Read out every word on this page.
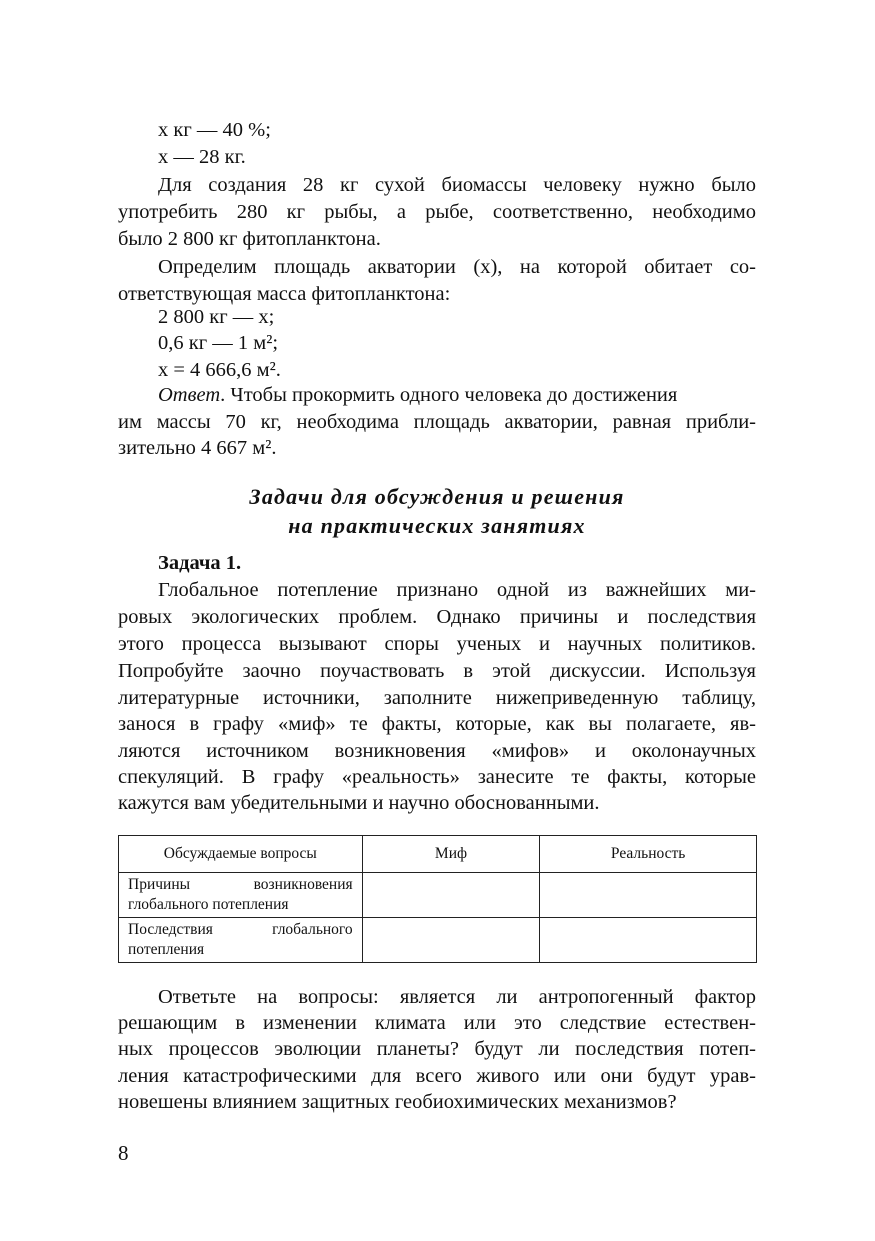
x кг — 40 %;
x — 28 кг.
Для создания 28 кг сухой биомассы человеку нужно было
употребить 280 кг рыбы, а рыбе, соответственно, необходимо
было 2 800 кг фитопланктона.
Определим площадь акватории (x), на которой обитает со-
ответствующая масса фитопланктона:
2 800 кг — x;
0,6 кг — 1 м²;
x = 4 666,6 м².
Ответ. Чтобы прокормить одного человека до достижения
им массы 70 кг, необходима площадь акватории, равная прибли-
зительно 4 667 м².
Задачи для обсуждения и решения
на практических занятиях
Задача 1.
Глобальное потепление признано одной из важнейших ми-
ровых экологических проблем. Однако причины и последствия
этого процесса вызывают споры ученых и научных политиков.
Попробуйте заочно поучаствовать в этой дискуссии. Используя
литературные источники, заполните нижеприведенную таблицу,
занося в графу «миф» те факты, которые, как вы полагаете, яв-
ляются источником возникновения «мифов» и околонаучных
спекуляций. В графу «реальность» занесите те факты, которые
кажутся вам убедительными и научно обоснованными.
Обсуждаемые вопросы	Миф	Реальность
Причины возникновения глобального потепления		
Последствия глобального потепления		
Ответьте на вопросы: является ли антропогенный фактор
решающим в изменении климата или это следствие естествен-
ных процессов эволюции планеты? будут ли последствия потеп-
ления катастрофическими для всего живого или они будут урав-
новешены влиянием защитных геобиохимических механизмов?
8
